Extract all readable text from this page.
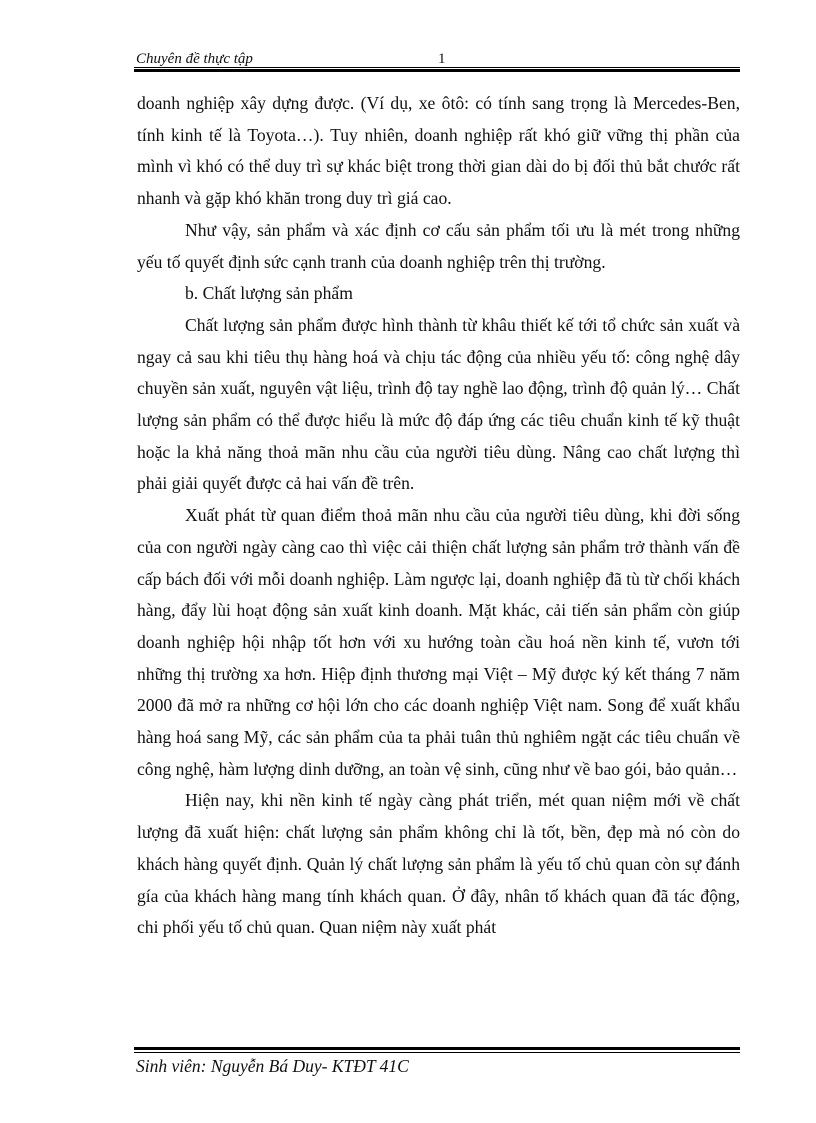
Chuyên đề thực tập	1

doanh nghiệp xây dựng được. (Ví dụ, xe ôtô: có tính sang trọng là Mercedes-Ben, tính kinh tế là Toyota…). Tuy nhiên, doanh nghiệp rất khó giữ vững thị phần của mình vì khó có thể duy trì sự khác biệt trong thời gian dài do bị đối thủ bắt chước rất nhanh và gặp khó khăn trong duy trì giá cao.

Như vậy, sản phẩm và xác định cơ cấu sản phẩm tối ưu là mét trong những yếu tố quyết định sức cạnh tranh của doanh nghiệp trên thị trường.

b. Chất lượng sản phẩm

Chất lượng sản phẩm được hình thành từ khâu thiết kế tới tổ chức sản xuất và ngay cả sau khi tiêu thụ hàng hoá và chịu tác động của nhiều yếu tố: công nghệ dây chuyền sản xuất, nguyên vật liệu, trình độ tay nghề lao động, trình độ quản lý… Chất lượng sản phẩm có thể được hiểu là mức độ đáp ứng các tiêu chuẩn kinh tế kỹ thuật hoặc la khả năng thoả mãn nhu cầu của người tiêu dùng. Nâng cao chất lượng thì phải giải quyết được cả hai vấn đề trên.

Xuất phát từ quan điểm thoả mãn nhu cầu của người tiêu dùng, khi đời sống của con người ngày càng cao thì việc cải thiện chất lượng sản phẩm trở thành vấn đề cấp bách đối với mỗi doanh nghiệp. Làm ngược lại, doanh nghiệp đã tù từ chối khách hàng, đẩy lùi hoạt động sản xuất kinh doanh. Mặt khác, cải tiến sản phẩm còn giúp doanh nghiệp hội nhập tốt hơn với xu hướng toàn cầu hoá nền kinh tế, vươn tới những thị trường xa hơn. Hiệp định thương mại Việt – Mỹ được ký kết tháng 7 năm 2000 đã mở ra những cơ hội lớn cho các doanh nghiệp Việt nam. Song để xuất khẩu hàng hoá sang Mỹ, các sản phẩm của ta phải tuân thủ nghiêm ngặt các tiêu chuẩn về công nghệ, hàm lượng dinh dưỡng, an toàn vệ sinh, cũng như về bao gói, bảo quản…

Hiện nay, khi nền kinh tế ngày càng phát triển, mét quan niệm mới về chất lượng đã xuất hiện: chất lượng sản phẩm không chỉ là tốt, bền, đẹp mà nó còn do khách hàng quyết định. Quản lý chất lượng sản phẩm là yếu tố chủ quan còn sự đánh gía của khách hàng mang tính khách quan. Ở đây, nhân tố khách quan đã tác động, chi phối yếu tố chủ quan. Quan niệm này xuất phát

Sinh viên: Nguyễn Bá Duy- KTĐT 41C
